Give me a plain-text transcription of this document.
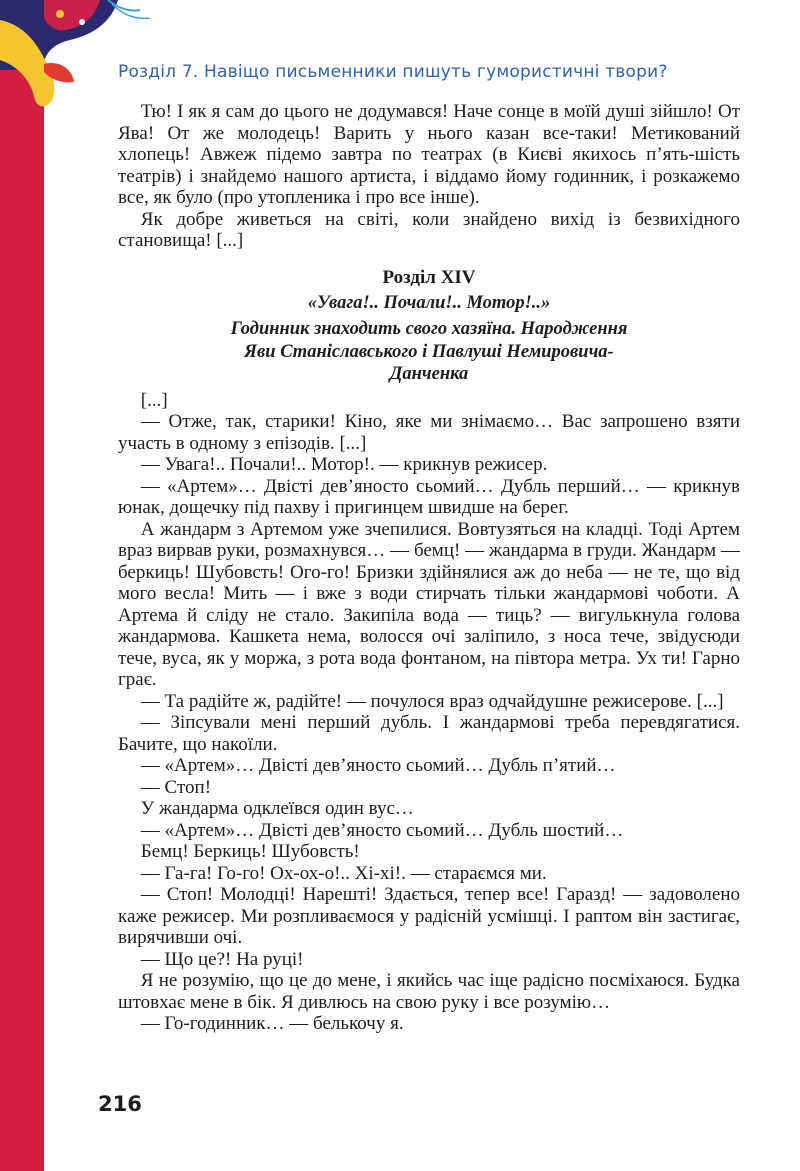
Розділ 7. Навіщо письменники пишуть гумористичні твори?

Тю! І як я сам до цього не додумався! Наче сонце в моїй душі зійшло! От Ява! От же молодець! Варить у нього казан все-таки! Метикований хлопець! Авжеж підемо завтра по театрах (в Києві якихось п’ять-шість театрів) і знайдемо нашого артиста, і віддамо йому годинник, і розкажемо все, як було (про утопленика і про все інше).

Як добре живеться на світі, коли знайдено вихід із безвихідного становища! [...]

Розділ XIV
«Увага!.. Почали!.. Мотор!..»
Годинник знаходить свого хазяїна. Народження Яви Станіславського і Павлуші Немировича-Данченка

[...]

— Отже, так, старики! Кіно, яке ми знімаємо… Вас запрошено взяти участь в одному з епізодів. [...]

— Увага!.. Почали!.. Мотор!. — крикнув режисер.

— «Артем»… Двісті дев’яносто сьомий… Дубль перший… — крикнув юнак, дощечку під пахву і пригинцем швидше на берег.

А жандарм з Артемом уже зчепилися. Вовтузяться на кладці. Тоді Артем враз вирвав руки, розмахнувся… — бемц! — жандарма в груди. Жандарм — беркиць! Шубовсть! Ого-го! Бризки здійнялися аж до неба — не те, що від мого весла! Мить — і вже з води стирчать тільки жандармові чоботи. А Артема й сліду не стало. Закипіла вода — тиць? — вигулькнула голова жандармова. Кашкета нема, волосся очі заліпило, з носа тече, звідусюди тече, вуса, як у моржа, з рота вода фонтаном, на півтора метра. Ух ти! Гарно грає.

— Та радійте ж, радійте! — почулося враз одчайдушне режисерове. [...]

— Зіпсували мені перший дубль. І жандармові треба перевдягатися. Бачите, що накоїли.

— «Артем»… Двісті дев’яносто сьомий… Дубль п’ятий…

— Стоп!

У жандарма одклеївся один вус…

— «Артем»… Двісті дев’яносто сьомий… Дубль шостий…

Бемц! Беркиць! Шубовсть!

— Га-га! Го-го! Ох-ох-о!.. Хі-хі!. — стараємся ми.

— Стоп! Молодці! Нарешті! Здається, тепер все! Гаразд! — задоволено каже режисер. Ми розпливаємося у радісній усмішці. І раптом він застигає, вирячивши очі.

— Що це?! На руці!

Я не розумію, що це до мене, і якийсь час іще радісно посміхаюся. Будка штовхає мене в бік. Я дивлюсь на свою руку і все розумію…

— Го-годинник… — белькочу я.

216
